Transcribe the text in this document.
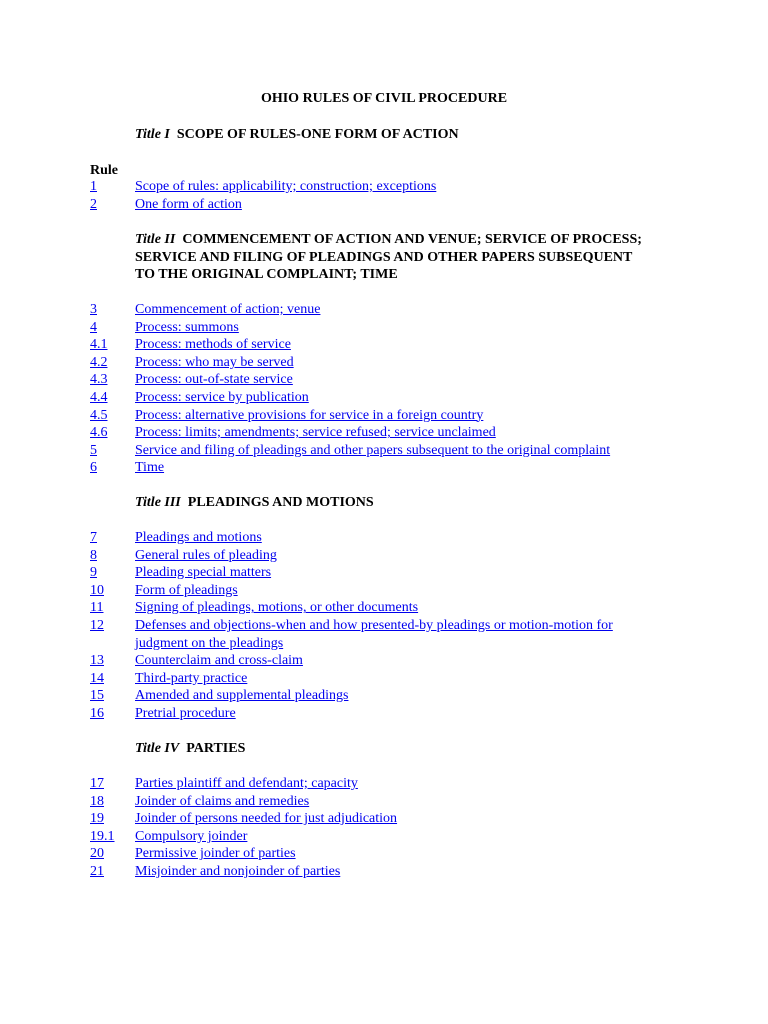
OHIO RULES OF CIVIL PROCEDURE
Title I SCOPE OF RULES-ONE FORM OF ACTION
Rule
1	Scope of rules: applicability; construction; exceptions
2	One form of action
Title II COMMENCEMENT OF ACTION AND VENUE; SERVICE OF PROCESS; SERVICE AND FILING OF PLEADINGS AND OTHER PAPERS SUBSEQUENT TO THE ORIGINAL COMPLAINT; TIME
3	Commencement of action; venue
4	Process: summons
4.1 Process: methods of service
4.2 Process: who may be served
4.3 Process: out-of-state service
4.4 Process: service by publication
4.5 Process: alternative provisions for service in a foreign country
4.6 Process: limits; amendments; service refused; service unclaimed
5	Service and filing of pleadings and other papers subsequent to the original complaint
6	Time
Title III PLEADINGS AND MOTIONS
7	Pleadings and motions
8	General rules of pleading
9	Pleading special matters
10 Form of pleadings
11 Signing of pleadings, motions, or other documents
12 Defenses and objections-when and how presented-by pleadings or motion-motion for judgment on the pleadings
13 Counterclaim and cross-claim
14 Third-party practice
15 Amended and supplemental pleadings
16 Pretrial procedure
Title IV PARTIES
17 Parties plaintiff and defendant; capacity
18 Joinder of claims and remedies
19 Joinder of persons needed for just adjudication
19.1 Compulsory joinder
20 Permissive joinder of parties
21 Misjoinder and nonjoinder of parties
